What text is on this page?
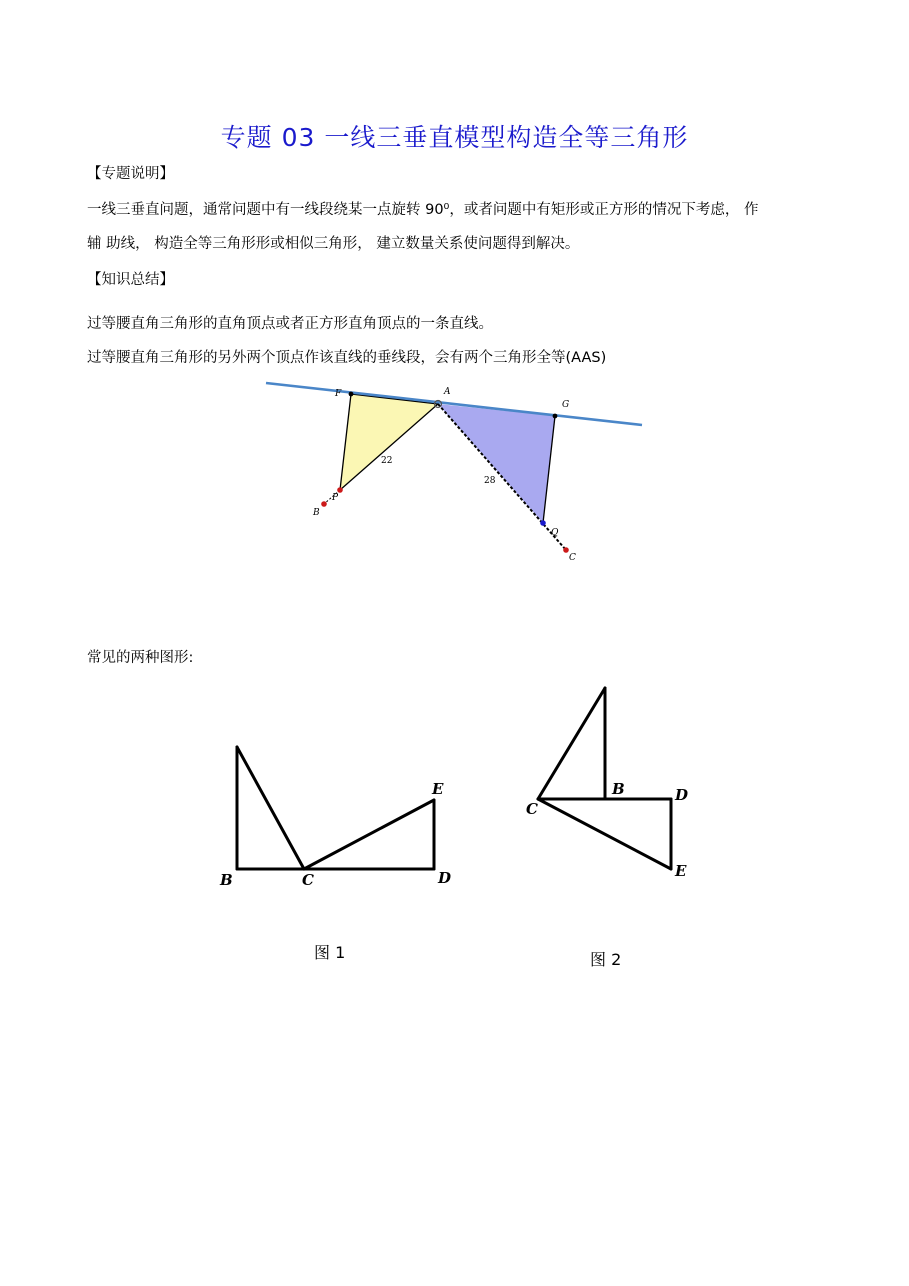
专题 03 一线三垂直模型构造全等三角形
【专题说明】
一线三垂直问题，通常问题中有一线段绕某一点旋转 90⁰，或者问题中有矩形或正方形的情况下考虑， 作
辅 助线， 构造全等三角形形或相似三角形， 建立数量关系使问题得到解决。
【知识总结】
过等腰直角三角形的直角顶点或者正方形直角顶点的一条直线。
过等腰直角三角形的另外两个顶点作该直线的垂线段，会有两个三角形全等(AAS)
F	A
G
P
B
Q
C
22
28
常见的两种图形:
B	C	D
E	B
C
D
E
图 1	图 2
